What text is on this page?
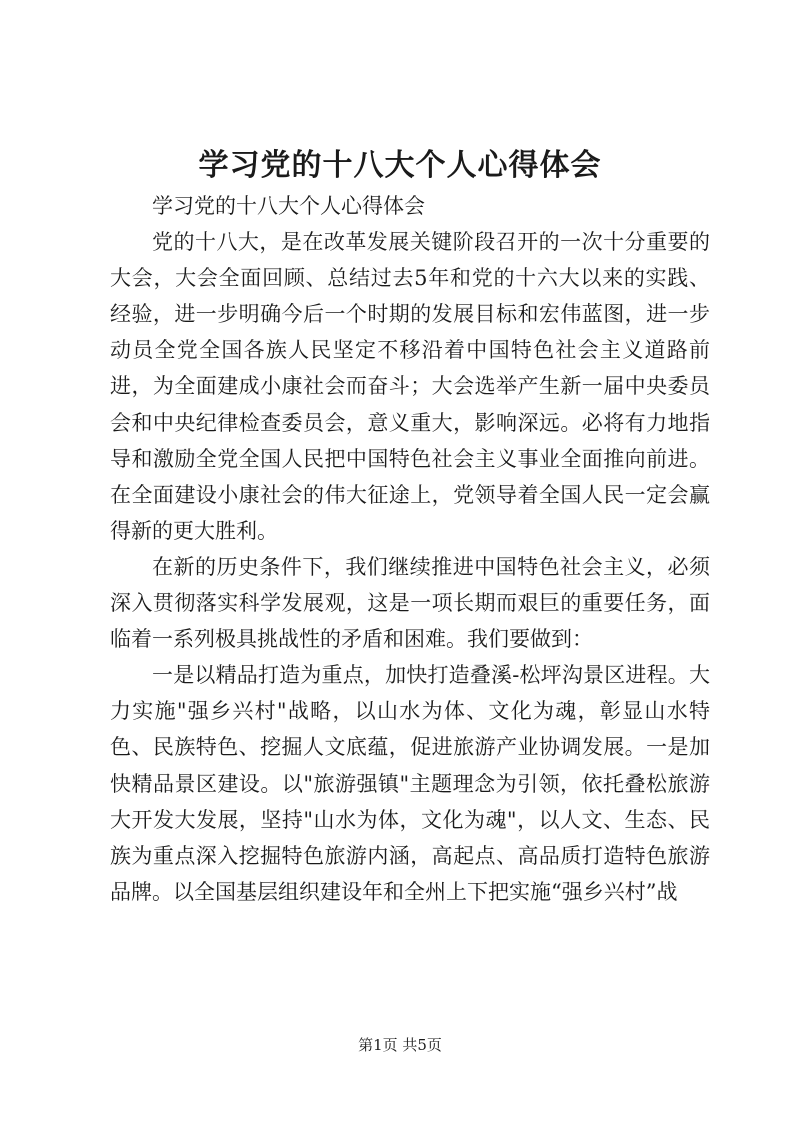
学习党的十八大个人心得体会

学习党的十八大个人心得体会

党的十八大，是在改革发展关键阶段召开的一次十分重要的大会，大会全面回顾、总结过去5年和党的十六大以来的实践、经验，进一步明确今后一个时期的发展目标和宏伟蓝图，进一步动员全党全国各族人民坚定不移沿着中国特色社会主义道路前进，为全面建成小康社会而奋斗；大会选举产生新一届中央委员会和中央纪律检查委员会，意义重大，影响深远。必将有力地指导和激励全党全国人民把中国特色社会主义事业全面推向前进。在全面建设小康社会的伟大征途上，党领导着全国人民一定会赢得新的更大胜利。

在新的历史条件下，我们继续推进中国特色社会主义，必须深入贯彻落实科学发展观，这是一项长期而艰巨的重要任务，面临着一系列极具挑战性的矛盾和困难。我们要做到：

一是以精品打造为重点，加快打造叠溪-松坪沟景区进程。大力实施"强乡兴村"战略，以山水为体、文化为魂，彰显山水特色、民族特色、挖掘人文底蕴，促进旅游产业协调发展。一是加快精品景区建设。以"旅游强镇"主题理念为引领，依托叠松旅游大开发大发展，坚持"山水为体，文化为魂"，以人文、生态、民族为重点深入挖掘特色旅游内涵，高起点、高品质打造特色旅游品牌。以全国基层组织建设年和全州上下把实施“强乡兴村”战

第1页 共5页
